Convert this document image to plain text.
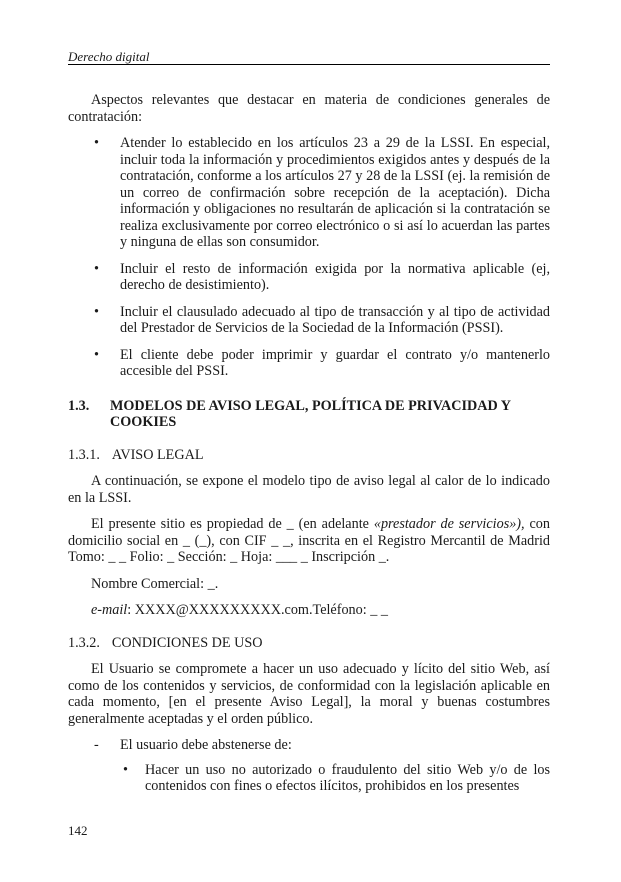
Derecho digital

Aspectos relevantes que destacar en materia de condiciones generales de contratación:

• Atender lo establecido en los artículos 23 a 29 de la LSSI. En especial, incluir toda la información y procedimientos exigidos antes y después de la contratación, conforme a los artículos 27 y 28 de la LSSI (ej. la remisión de un correo de confirmación sobre recepción de la aceptación). Dicha información y obligaciones no resultarán de aplicación si la contratación se realiza exclusivamente por correo electrónico o si así lo acuerdan las partes y ninguna de ellas son consumidor.
• Incluir el resto de información exigida por la normativa aplicable (ej, derecho de desistimiento).
• Incluir el clausulado adecuado al tipo de transacción y al tipo de actividad del Prestador de Servicios de la Sociedad de la Información (PSSI).
• El cliente debe poder imprimir y guardar el contrato y/o mantenerlo accesible del PSSI.
1.3. MODELOS DE AVISO LEGAL, POLÍTICA DE PRIVACIDAD Y COOKIES
1.3.1. AVISO LEGAL

A continuación, se expone el modelo tipo de aviso legal al calor de lo indicado en la LSSI.

El presente sitio es propiedad de _ (en adelante «prestador de servicios»), con domicilio social en _ (_), con CIF _ _, inscrita en el Registro Mercantil de Madrid Tomo: _ _ Folio: _ Sección: _ Hoja: ___ _ Inscripción _.

Nombre Comercial: _.

e-mail: XXXX@XXXXXXXXX.com.Teléfono: _ _

1.3.2. CONDICIONES DE USO

El Usuario se compromete a hacer un uso adecuado y lícito del sitio Web, así como de los contenidos y servicios, de conformidad con la legislación aplicable en cada momento, [en el presente Aviso Legal], la moral y buenas costumbres generalmente aceptadas y el orden público.

- El usuario debe abstenerse de:
• Hacer un uso no autorizado o fraudulento del sitio Web y/o de los contenidos con fines o efectos ilícitos, prohibidos en los presentes
142
